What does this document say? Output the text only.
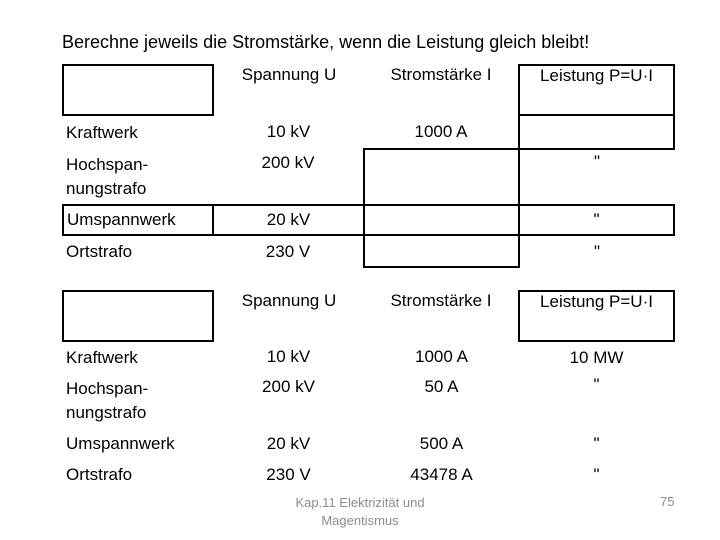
Berechne jeweils die Stromstärke, wenn die Leistung gleich bleibt!
	Spannung U	Stromstärke I	Leistung P=U·I
Kraftwerk	10 kV	1000 A	
Hochspan-
nungstrafo	200 kV		"
Umspannwerk	20 kV		"
Ortstrafo	230 V		"
	Spannung U	Stromstärke I	Leistung P=U·I
Kraftwerk	10 kV	1000 A	10 MW
Hochspan-
nungstrafo	200 kV	50 A	"
Umspannwerk	20 kV	500 A	"
Ortstrafo	230 V	43478 A	"
Kap.11 Elektrizität und Magentismus
75
